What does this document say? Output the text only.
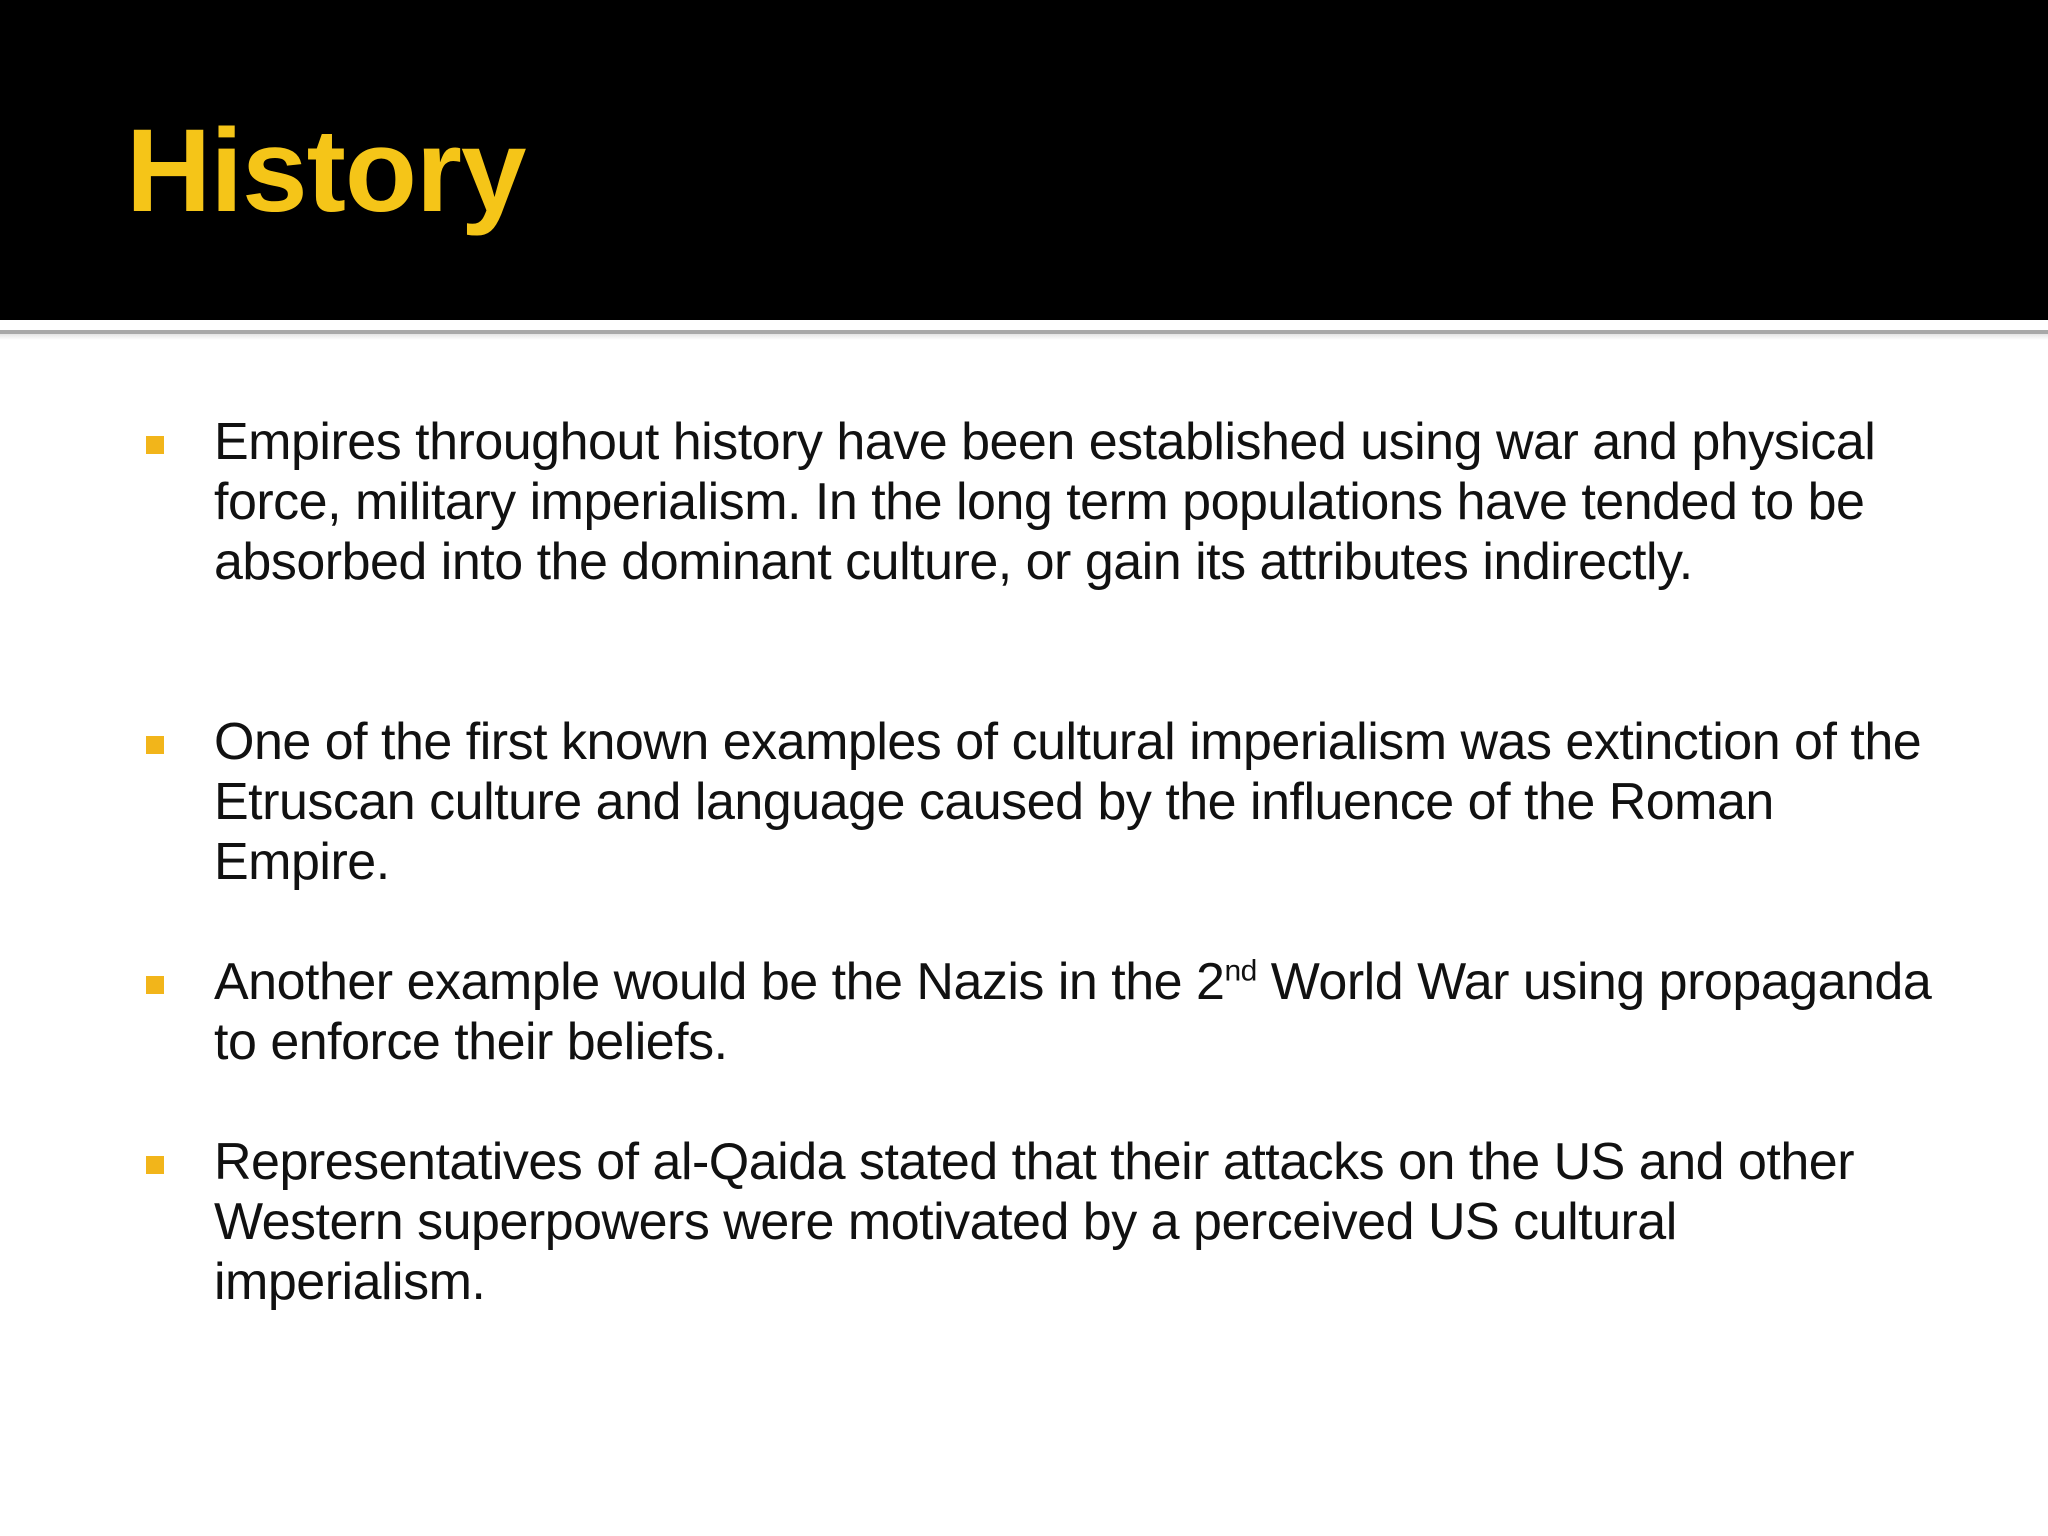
History

Empires throughout history have been established using war and physical force, military imperialism. In the long term populations have tended to be absorbed into the dominant culture, or gain its attributes indirectly.

One of the first known examples of cultural imperialism was extinction of the Etruscan culture and language caused by the influence of the Roman Empire.

Another example would be the Nazis in the 2nd World War using propaganda to enforce their beliefs.

Representatives of al-Qaida stated that their attacks on the US and other Western superpowers were motivated by a perceived US cultural imperialism.
